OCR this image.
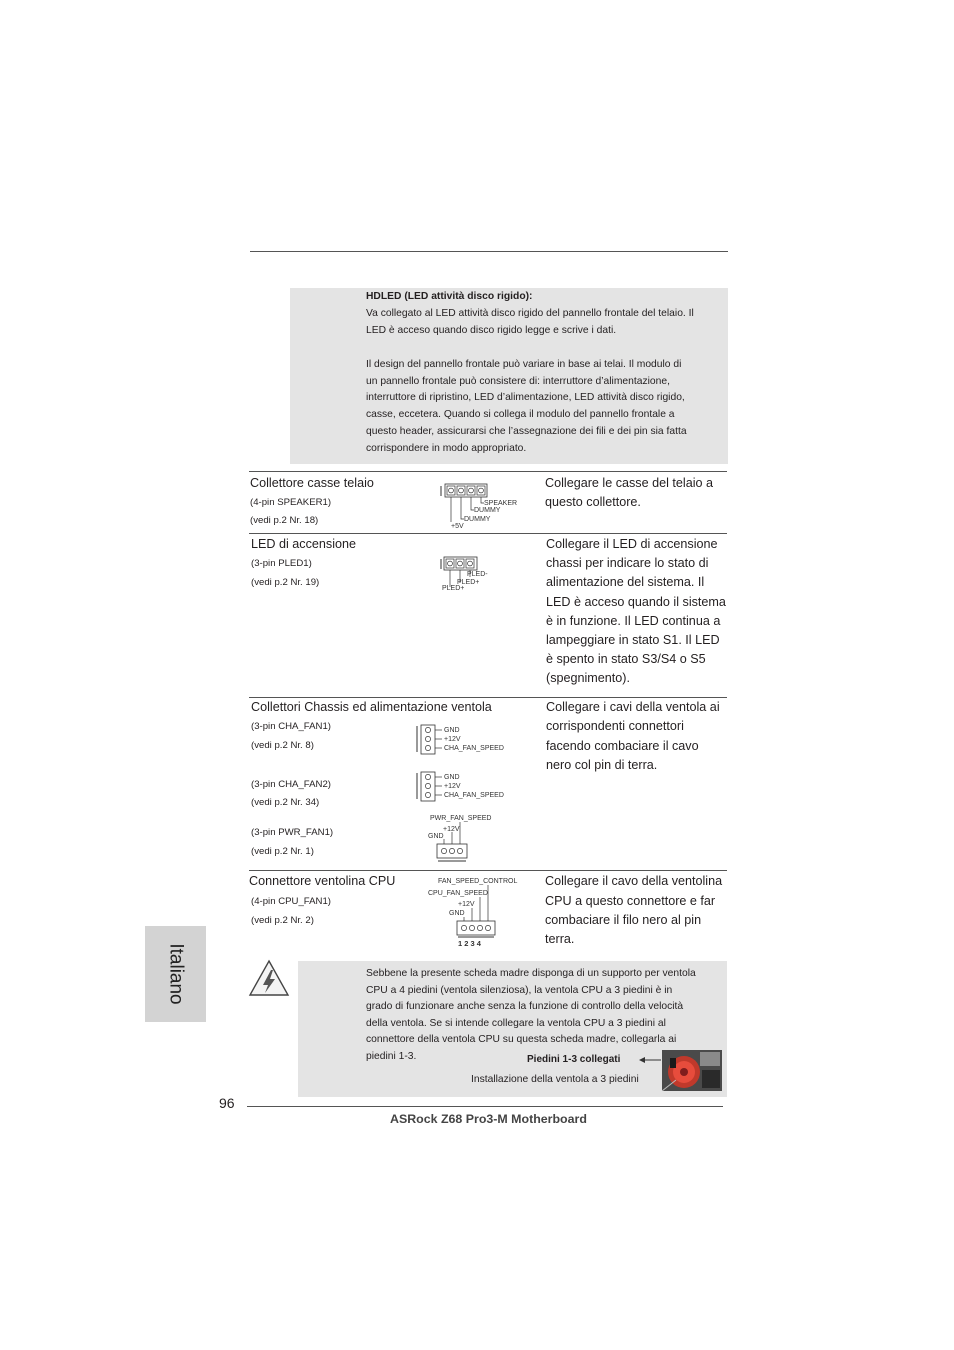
HDLED (LED attività disco rigido):
Va collegato al LED attività disco rigido del pannello frontale del telaio. Il
LED è acceso quando disco rigido legge e scrive i dati.
Il design del pannello frontale può variare in base ai telai. Il modulo di
un pannello frontale può consistere di: interruttore d’alimentazione,
interruttore di ripristino, LED d’alimentazione, LED attività disco rigido,
casse, eccetera. Quando si collega il modulo del pannello frontale a
questo header, assicurarsi che l’assegnazione dei fili e dei pin sia fatta
corrispondere in modo appropriato.
Collettore casse telaio
(4-pin SPEAKER1)
(vedi p.2 Nr. 18)
SPEAKER
DUMMY
DUMMY
+5V
Collegare le casse del telaio a
questo collettore.
LED di accensione
(3-pin PLED1)
(vedi p.2 Nr. 19)
PLED-
PLED+
PLED+
Collegare il LED di accensione
chassi per indicare lo stato di
alimentazione del sistema. Il
LED è acceso quando il sistema
è in funzione. Il LED continua a
lampeggiare in stato S1. Il LED
è spento in stato S3/S4 o S5
(spegnimento).
Collettori Chassis ed alimentazione ventola
(3-pin CHA_FAN1)
(vedi p.2 Nr. 8)
(3-pin CHA_FAN2)
(vedi p.2 Nr. 34)
(3-pin PWR_FAN1)
(vedi p.2 Nr. 1)
GND
+12V
CHA_FAN_SPEED
GND
+12V
CHA_FAN_SPEED
PWR_FAN_SPEED
+12V
GND
Collegare i cavi della ventola ai
corrispondenti connettori
facendo combaciare il cavo
nero col pin di terra.
Connettore ventolina CPU
(4-pin CPU_FAN1)
(vedi p.2 Nr. 2)
FAN_SPEED_CONTROL
CPU_FAN_SPEED
+12V
GND
1 2 3 4
Collegare il cavo della ventolina
CPU a questo connettore e far
combaciare il filo nero al pin
terra.
Sebbene la presente scheda madre disponga di un supporto per ventola
CPU a 4 piedini (ventola silenziosa), la ventola CPU a 3 piedini è in
grado di funzionare anche senza la funzione di controllo della velocità
della ventola. Se si intende collegare la ventola CPU a 3 piedini al
connettore della ventola CPU su questa scheda madre, collegarla ai
piedini 1-3.	Piedini 1-3 collegati
Installazione della ventola a 3 piedini
Italiano
96
ASRock Z68 Pro3-M Motherboard
